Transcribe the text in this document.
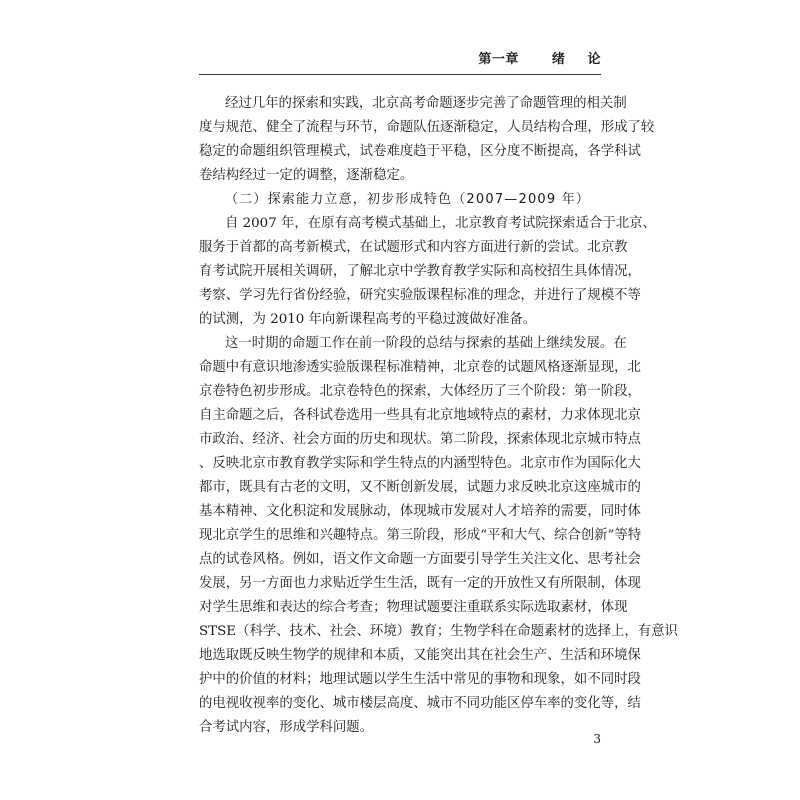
第一章   绪  论
经过几年的探索和实践，北京高考命题逐步完善了命题管理的相关制
度与规范、健全了流程与环节，命题队伍逐渐稳定，人员结构合理，形成了较
稳定的命题组织管理模式，试卷难度趋于平稳，区分度不断提高，各学科试
卷结构经过一定的调整，逐渐稳定。
（二）探索能力立意，初步形成特色（2007—2009 年）
自 2007 年，在原有高考模式基础上，北京教育考试院探索适合于北京、
服务于首都的高考新模式，在试题形式和内容方面进行新的尝试。北京教
育考试院开展相关调研，了解北京中学教育教学实际和高校招生具体情况，
考察、学习先行省份经验，研究实验版课程标准的理念，并进行了规模不等
的试测，为 2010 年向新课程高考的平稳过渡做好准备。
这一时期的命题工作在前一阶段的总结与探索的基础上继续发展。在
命题中有意识地渗透实验版课程标准精神，北京卷的试题风格逐渐显现，北
京卷特色初步形成。北京卷特色的探索，大体经历了三个阶段：第一阶段，
自主命题之后，各科试卷选用一些具有北京地域特点的素材，力求体现北京
市政治、经济、社会方面的历史和现状。第二阶段，探索体现北京城市特点
、反映北京市教育教学实际和学生特点的内涵型特色。北京市作为国际化大
都市，既具有古老的文明，又不断创新发展，试题力求反映北京这座城市的
基本精神、文化积淀和发展脉动，体现城市发展对人才培养的需要，同时体
现北京学生的思维和兴趣特点。第三阶段，形成“平和大气、综合创新”等特
点的试卷风格。例如，语文作文命题一方面要引导学生关注文化、思考社会
发展，另一方面也力求贴近学生生活，既有一定的开放性又有所限制，体现
对学生思维和表达的综合考查；物理试题要注重联系实际选取素材，体现
STSE（科学、技术、社会、环境）教育；生物学科在命题素材的选择上，有意识
地选取既反映生物学的规律和本质，又能突出其在社会生产、生活和环境保
护中的价值的材料；地理试题以学生生活中常见的事物和现象，如不同时段
的电视收视率的变化、城市楼层高度、城市不同功能区停车率的变化等，结
合考试内容，形成学科问题。
3
